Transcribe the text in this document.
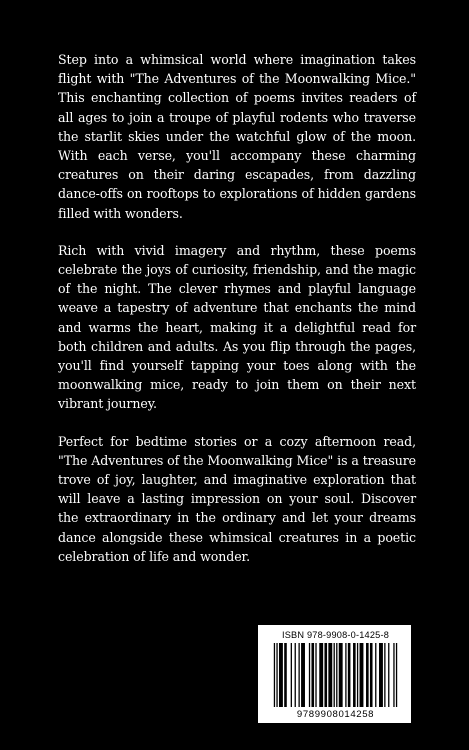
Step into a whimsical world where imagination takes flight with "The Adventures of the Moonwalking Mice." This enchanting collection of poems invites readers of all ages to join a troupe of playful rodents who traverse the starlit skies under the watchful glow of the moon. With each verse, you'll accompany these charming creatures on their daring escapades, from dazzling dance-offs on rooftops to explorations of hidden gardens filled with wonders.

Rich with vivid imagery and rhythm, these poems celebrate the joys of curiosity, friendship, and the magic of the night. The clever rhymes and playful language weave a tapestry of adventure that enchants the mind and warms the heart, making it a delightful read for both children and adults. As you flip through the pages, you'll find yourself tapping your toes along with the moonwalking mice, ready to join them on their next vibrant journey.

Perfect for bedtime stories or a cozy afternoon read, "The Adventures of the Moonwalking Mice" is a treasure trove of joy, laughter, and imaginative exploration that will leave a lasting impression on your soul. Discover the extraordinary in the ordinary and let your dreams dance alongside these whimsical creatures in a poetic celebration of life and wonder.

ISBN 978-9908-0-1425-8
9789908014258
